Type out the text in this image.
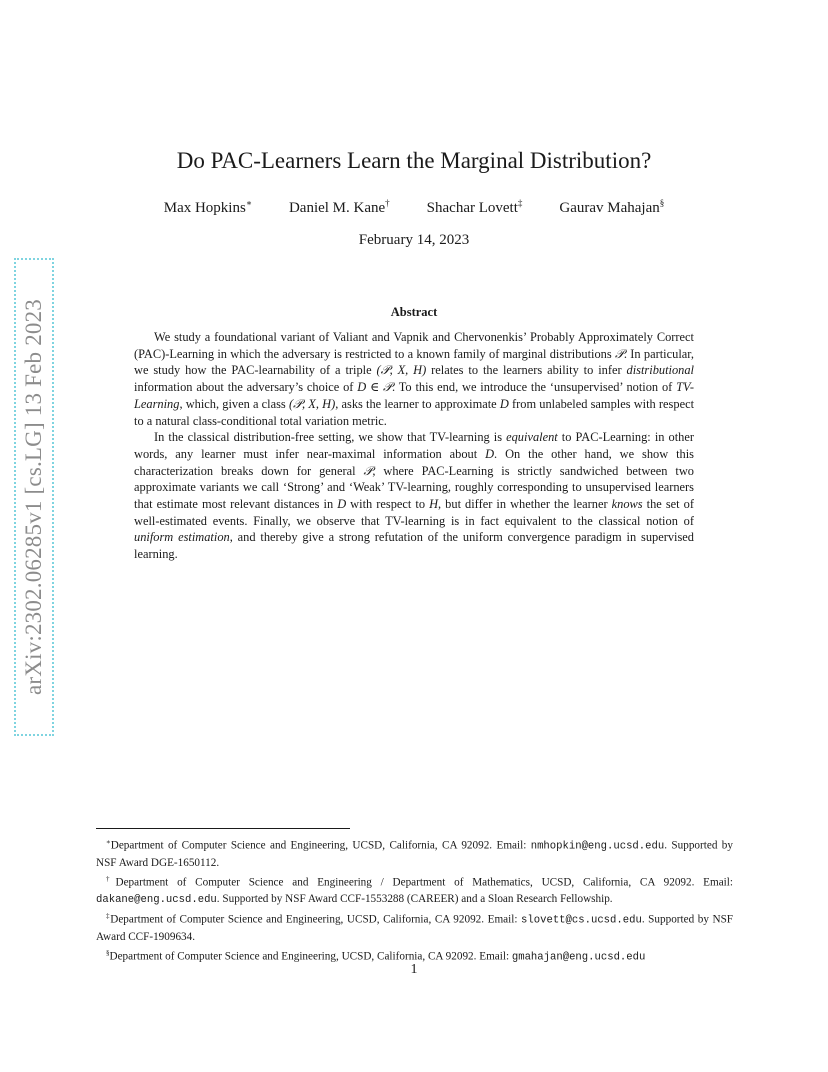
arXiv:2302.06285v1 [cs.LG] 13 Feb 2023
Do PAC-Learners Learn the Marginal Distribution?
Max Hopkins∗ Daniel M. Kane† Shachar Lovett‡ Gaurav Mahajan§
February 14, 2023
Abstract

We study a foundational variant of Valiant and Vapnik and Chervonenkis’ Probably Approximately Correct (PAC)-Learning in which the adversary is restricted to a known family of marginal distributions 𝒫. In particular, we study how the PAC-learnability of a triple (𝒫, X, H) relates to the learners ability to infer distributional information about the adversary’s choice of D ∈ 𝒫. To this end, we introduce the ‘unsupervised’ notion of TV-Learning, which, given a class (𝒫, X, H), asks the learner to approximate D from unlabeled samples with respect to a natural class-conditional total variation metric.

In the classical distribution-free setting, we show that TV-learning is equivalent to PAC-Learning: in other words, any learner must infer near-maximal information about D. On the other hand, we show this characterization breaks down for general 𝒫, where PAC-Learning is strictly sandwiched between two approximate variants we call ‘Strong’ and ‘Weak’ TV-learning, roughly corresponding to unsupervised learners that estimate most relevant distances in D with respect to H, but differ in whether the learner knows the set of well-estimated events. Finally, we observe that TV-learning is in fact equivalent to the classical notion of uniform estimation, and thereby give a strong refutation of the uniform convergence paradigm in supervised learning.

∗Department of Computer Science and Engineering, UCSD, California, CA 92092. Email: nmhopkin@eng.ucsd.edu. Supported by NSF Award DGE-1650112.

†Department of Computer Science and Engineering / Department of Mathematics, UCSD, California, CA 92092. Email: dakane@eng.ucsd.edu. Supported by NSF Award CCF-1553288 (CAREER) and a Sloan Research Fellowship.

‡Department of Computer Science and Engineering, UCSD, California, CA 92092. Email: slovett@cs.ucsd.edu. Supported by NSF Award CCF-1909634.

§Department of Computer Science and Engineering, UCSD, California, CA 92092. Email: gmahajan@eng.ucsd.edu

1
